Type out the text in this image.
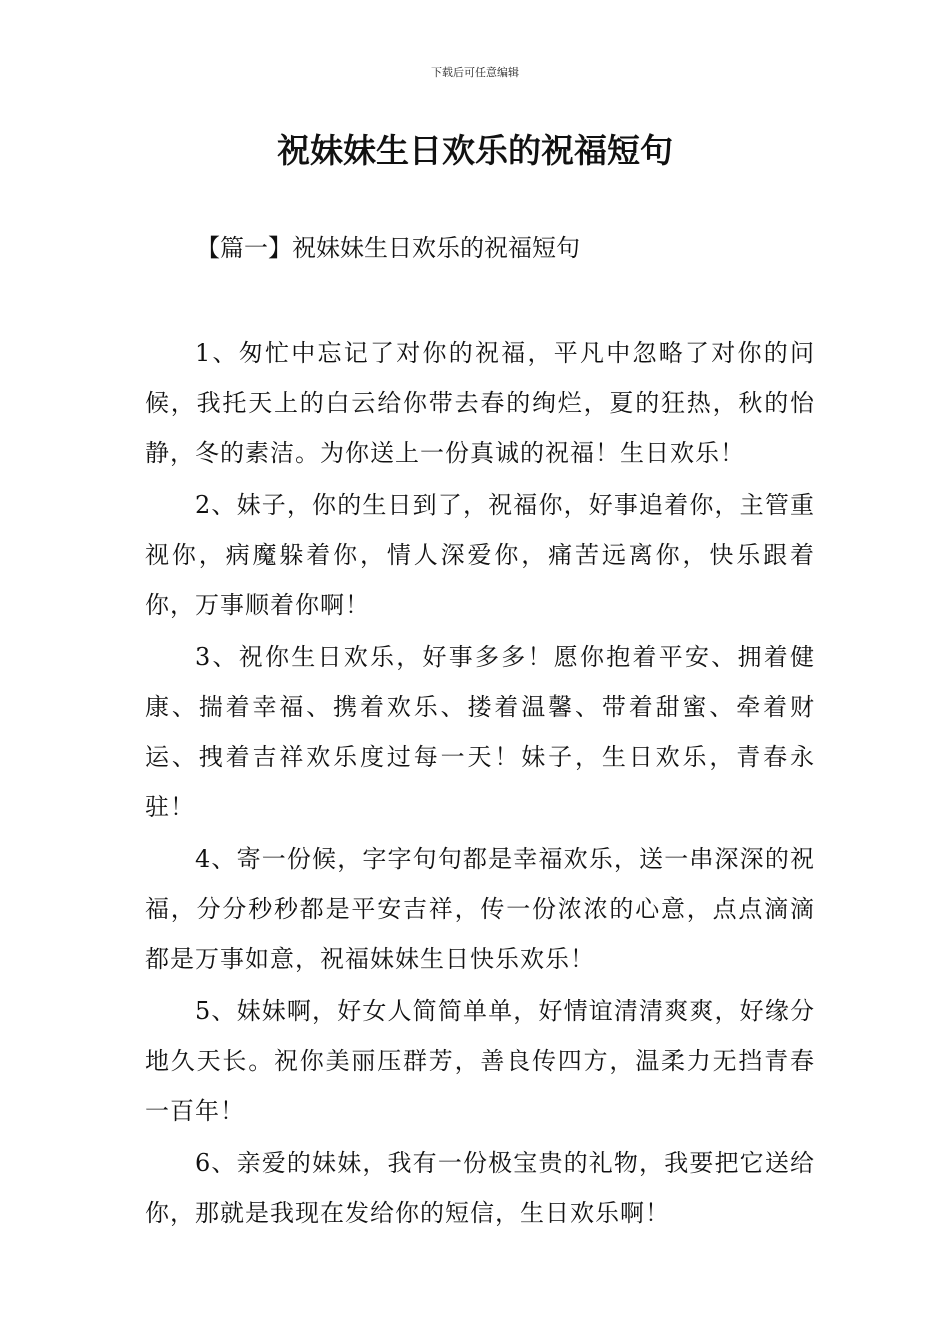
下载后可任意编辑
祝妹妹生日欢乐的祝福短句
【篇一】祝妹妹生日欢乐的祝福短句

1、匆忙中忘记了对你的祝福，平凡中忽略了对你的问候，我托天上的白云给你带去春的绚烂，夏的狂热，秋的怡静，冬的素洁。为你送上一份真诚的祝福！生日欢乐！

2、妹子，你的生日到了，祝福你，好事追着你，主管重视你，病魔躲着你，情人深爱你，痛苦远离你，快乐跟着你，万事顺着你啊！

3、祝你生日欢乐，好事多多！愿你抱着平安、拥着健康、揣着幸福、携着欢乐、搂着温馨、带着甜蜜、牵着财运、拽着吉祥欢乐度过每一天！妹子，生日欢乐，青春永驻！

4、寄一份候，字字句句都是幸福欢乐，送一串深深的祝福，分分秒秒都是平安吉祥，传一份浓浓的心意，点点滴滴都是万事如意，祝福妹妹生日快乐欢乐！

5、妹妹啊，好女人简简单单，好情谊清清爽爽，好缘分地久天长。祝你美丽压群芳，善良传四方，温柔力无挡青春一百年！

6、亲爱的妹妹，我有一份极宝贵的礼物，我要把它送给你，那就是我现在发给你的短信，生日欢乐啊！
